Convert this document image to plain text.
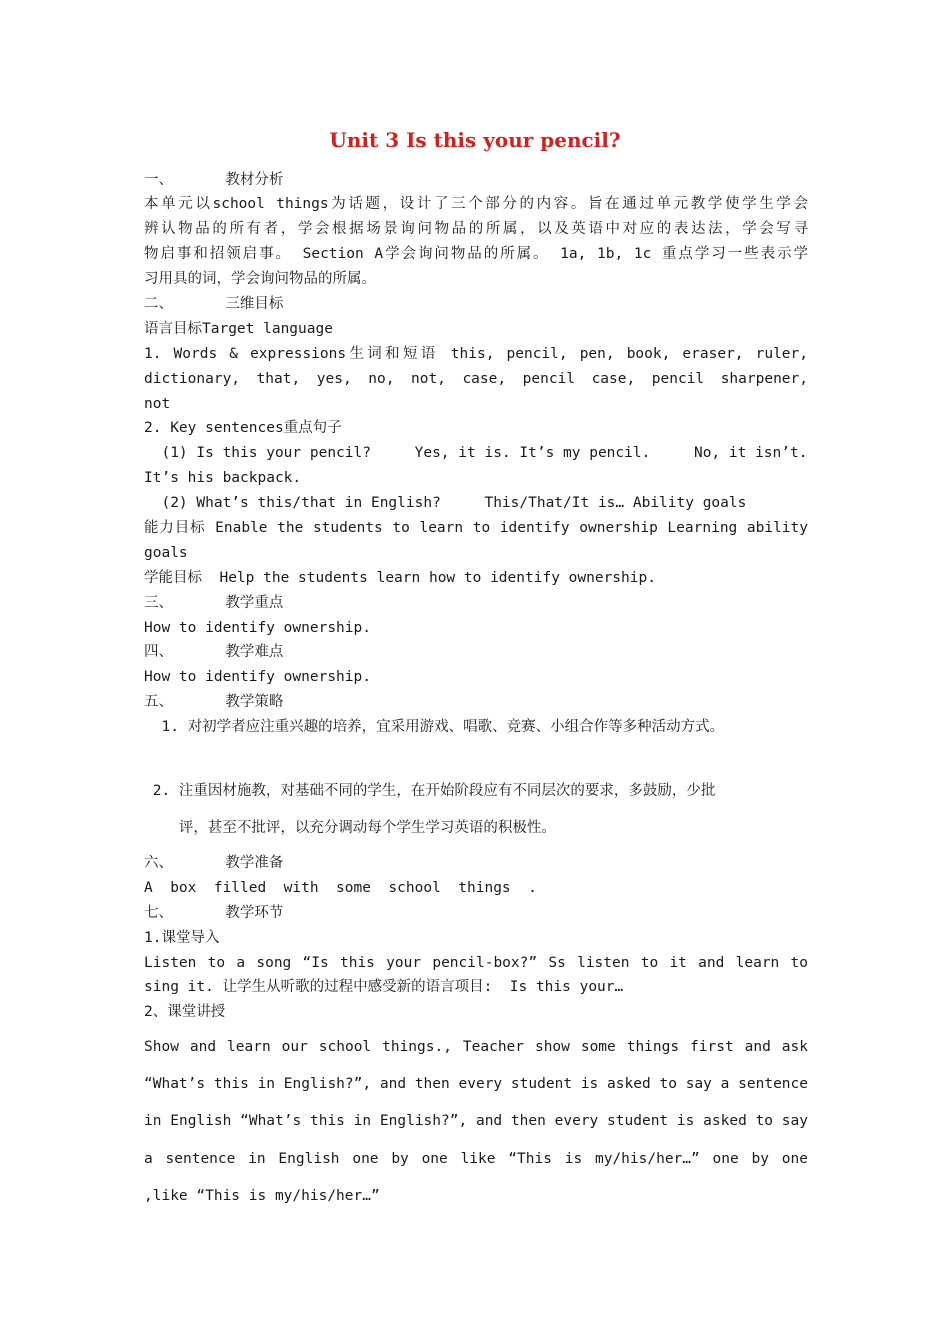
Unit 3 Is this your pencil?
一、      教材分析
本单元以school things为话题，设计了三个部分的内容。旨在通过单元教学使学生学会
辨认物品的所有者，学会根据场景询问物品的所属，以及英语中对应的表达法，学会写寻
物启事和招领启事。 Section A学会询问物品的所属。 1a, 1b, 1c 重点学习一些表示学
习用具的词，学会询问物品的所属。
二、      三维目标
语言目标Target language
1. Words & expressions生词和短语 this, pencil, pen, book, eraser, ruler,
dictionary, that, yes, no, not, case, pencil case, pencil sharpener,
not
2. Key sentences重点句子
(1) Is this your pencil?     Yes, it is. It’s my pencil.     No, it isn’t.
It’s his backpack.
(2) What’s this/that in English?     This/That/It is… Ability goals
能力目标 Enable the students to learn to identify ownership Learning ability
goals
学能目标  Help the students learn how to identify ownership.
三、      教学重点
How to identify ownership.
四、      教学难点
How to identify ownership.
五、      教学策略
1. 对初学者应注重兴趣的培养，宜采用游戏、唱歌、竞赛、小组合作等多种活动方式。
2. 注重因材施教，对基础不同的学生，在开始阶段应有不同层次的要求，多鼓励，少批
评，甚至不批评，以充分调动每个学生学习英语的积极性。
六、      教学准备
A  box  filled  with  some  school  things  .
七、      教学环节
1.课堂导入
Listen to a song “Is this your pencil-box?” Ss listen to it and learn to
sing it. 让学生从听歌的过程中感受新的语言项目:  Is this your…
2、课堂讲授
Show and learn our school things., Teacher show some things first and ask
“What’s this in English?”, and then every student is asked to say a sentence
in English “What’s this in English?”, and then every student is asked to say
a sentence in English one by one like “This is my/his/her…” one by one
,like “This is my/his/her…”
